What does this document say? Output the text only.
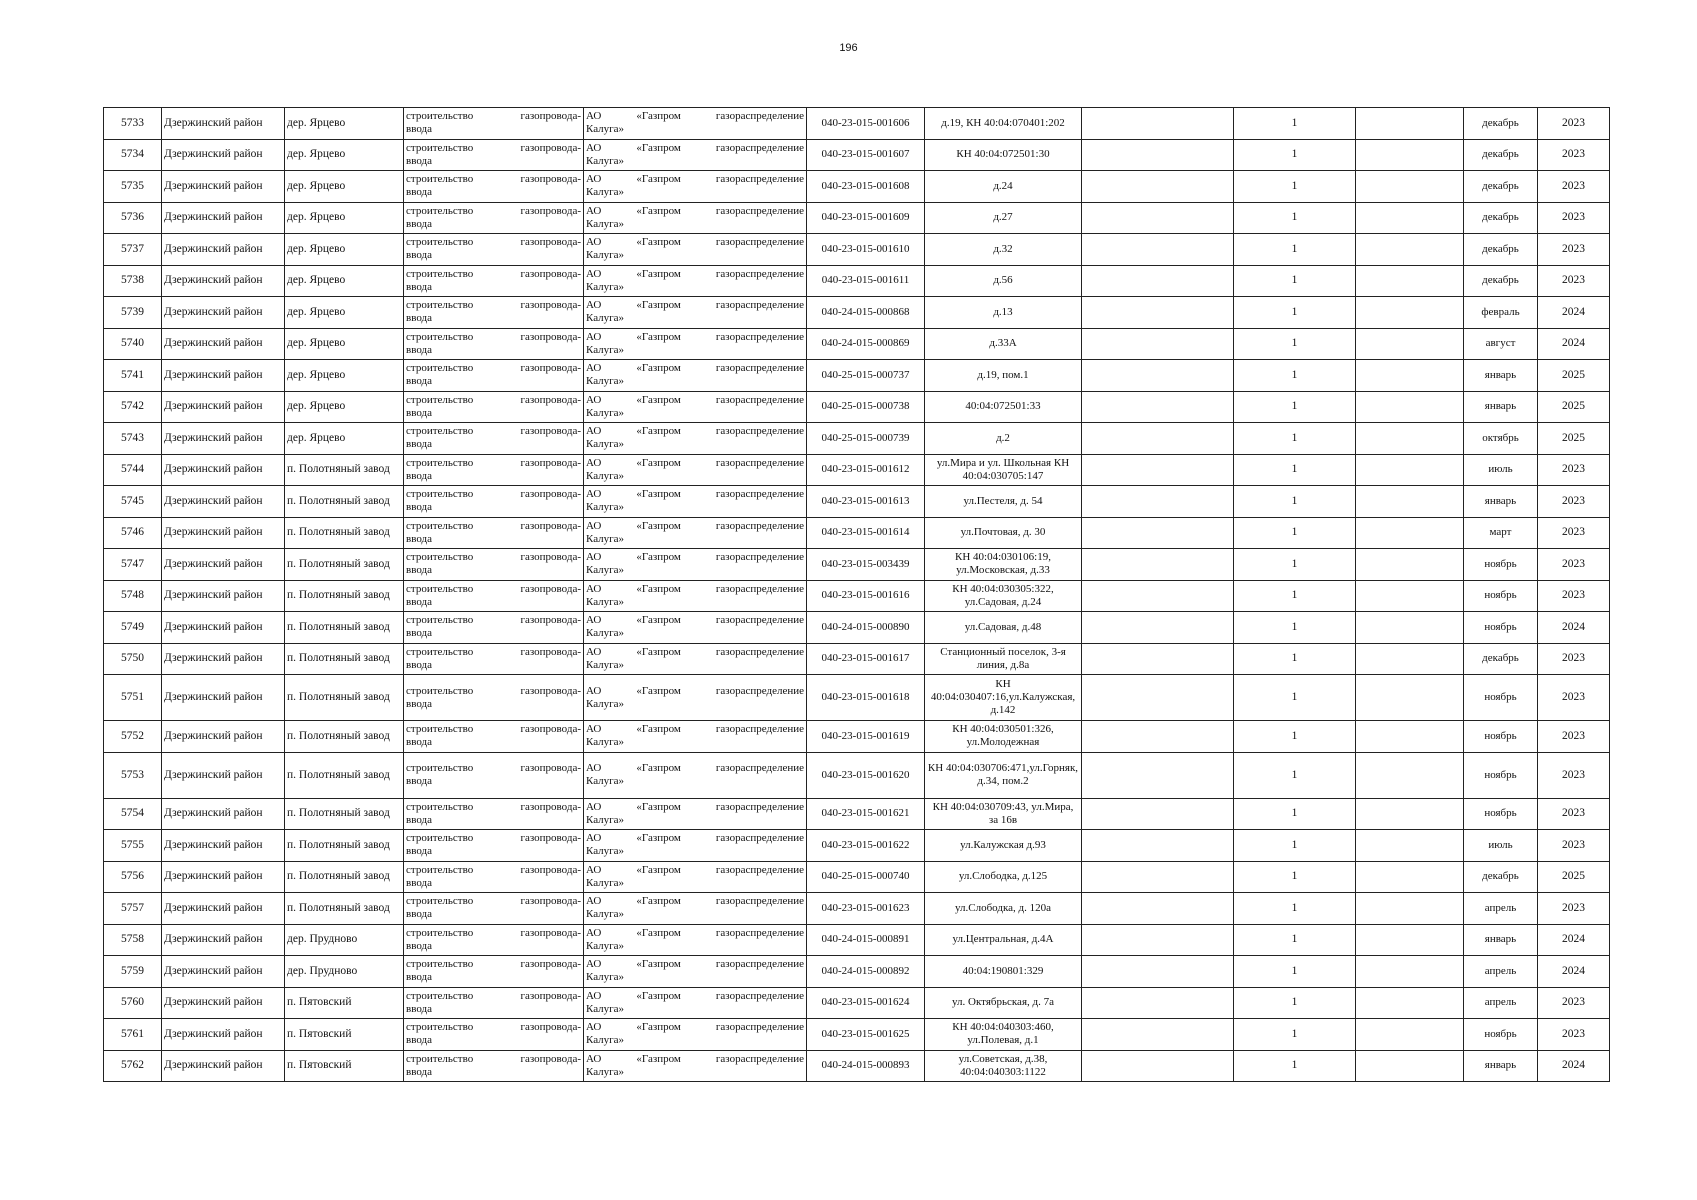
196
5733	Дзержинский район	дер. Ярцево	строительство газопровода-
ввода	АО «Газпром газораспределение
Калуга»	040-23-015-001606	д.19, КН 40:04:070401:202		1		декабрь	2023
5734	Дзержинский район	дер. Ярцево	строительство газопровода-
ввода	АО «Газпром газораспределение
Калуга»	040-23-015-001607	КН 40:04:072501:30		1		декабрь	2023
5735	Дзержинский район	дер. Ярцево	строительство газопровода-
ввода	АО «Газпром газораспределение
Калуга»	040-23-015-001608	д.24		1		декабрь	2023
5736	Дзержинский район	дер. Ярцево	строительство газопровода-
ввода	АО «Газпром газораспределение
Калуга»	040-23-015-001609	д.27		1		декабрь	2023
5737	Дзержинский район	дер. Ярцево	строительство газопровода-
ввода	АО «Газпром газораспределение
Калуга»	040-23-015-001610	д.32		1		декабрь	2023
5738	Дзержинский район	дер. Ярцево	строительство газопровода-
ввода	АО «Газпром газораспределение
Калуга»	040-23-015-001611	д.56		1		декабрь	2023
5739	Дзержинский район	дер. Ярцево	строительство газопровода-
ввода	АО «Газпром газораспределение
Калуга»	040-24-015-000868	д.13		1		февраль	2024
5740	Дзержинский район	дер. Ярцево	строительство газопровода-
ввода	АО «Газпром газораспределение
Калуга»	040-24-015-000869	д.33А		1		август	2024
5741	Дзержинский район	дер. Ярцево	строительство газопровода-
ввода	АО «Газпром газораспределение
Калуга»	040-25-015-000737	д.19, пом.1		1		январь	2025
5742	Дзержинский район	дер. Ярцево	строительство газопровода-
ввода	АО «Газпром газораспределение
Калуга»	040-25-015-000738	40:04:072501:33		1		январь	2025
5743	Дзержинский район	дер. Ярцево	строительство газопровода-
ввода	АО «Газпром газораспределение
Калуга»	040-25-015-000739	д.2		1		октябрь	2025
5744	Дзержинский район	п. Полотняный завод	строительство газопровода-
ввода	АО «Газпром газораспределение
Калуга»	040-23-015-001612	ул.Мира и ул. Школьная КН 40:04:030705:147		1		июль	2023
5745	Дзержинский район	п. Полотняный завод	строительство газопровода-
ввода	АО «Газпром газораспределение
Калуга»	040-23-015-001613	ул.Пестеля, д. 54		1		январь	2023
5746	Дзержинский район	п. Полотняный завод	строительство газопровода-
ввода	АО «Газпром газораспределение
Калуга»	040-23-015-001614	ул.Почтовая, д. 30		1		март	2023
5747	Дзержинский район	п. Полотняный завод	строительство газопровода-
ввода	АО «Газпром газораспределение
Калуга»	040-23-015-003439	КН 40:04:030106:19, ул.Московская, д.33		1		ноябрь	2023
5748	Дзержинский район	п. Полотняный завод	строительство газопровода-
ввода	АО «Газпром газораспределение
Калуга»	040-23-015-001616	КН 40:04:030305:322, ул.Садовая, д.24		1		ноябрь	2023
5749	Дзержинский район	п. Полотняный завод	строительство газопровода-
ввода	АО «Газпром газораспределение
Калуга»	040-24-015-000890	ул.Садовая, д.48		1		ноябрь	2024
5750	Дзержинский район	п. Полотняный завод	строительство газопровода-
ввода	АО «Газпром газораспределение
Калуга»	040-23-015-001617	Станционный поселок, 3-я линия, д.8а		1		декабрь	2023
5751	Дзержинский район	п. Полотняный завод	строительство газопровода-
ввода	АО «Газпром газораспределение
Калуга»	040-23-015-001618	КН 40:04:030407:16,ул.Калужская, д.142		1		ноябрь	2023
5752	Дзержинский район	п. Полотняный завод	строительство газопровода-
ввода	АО «Газпром газораспределение
Калуга»	040-23-015-001619	КН 40:04:030501:326, ул.Молодежная		1		ноябрь	2023
5753	Дзержинский район	п. Полотняный завод	строительство газопровода-
ввода	АО «Газпром газораспределение
Калуга»	040-23-015-001620	КН 40:04:030706:471,ул.Горняк, д.34, пом.2		1		ноябрь	2023
5754	Дзержинский район	п. Полотняный завод	строительство газопровода-
ввода	АО «Газпром газораспределение
Калуга»	040-23-015-001621	КН 40:04:030709:43, ул.Мира, за 16в		1		ноябрь	2023
5755	Дзержинский район	п. Полотняный завод	строительство газопровода-
ввода	АО «Газпром газораспределение
Калуга»	040-23-015-001622	ул.Калужская д.93		1		июль	2023
5756	Дзержинский район	п. Полотняный завод	строительство газопровода-
ввода	АО «Газпром газораспределение
Калуга»	040-25-015-000740	ул.Слободка, д.125		1		декабрь	2025
5757	Дзержинский район	п. Полотняный завод	строительство газопровода-
ввода	АО «Газпром газораспределение
Калуга»	040-23-015-001623	ул.Слободка, д. 120а		1		апрель	2023
5758	Дзержинский район	дер. Прудново	строительство газопровода-
ввода	АО «Газпром газораспределение
Калуга»	040-24-015-000891	ул.Центральная, д.4А		1		январь	2024
5759	Дзержинский район	дер. Прудново	строительство газопровода-
ввода	АО «Газпром газораспределение
Калуга»	040-24-015-000892	40:04:190801:329		1		апрель	2024
5760	Дзержинский район	п. Пятовский	строительство газопровода-
ввода	АО «Газпром газораспределение
Калуга»	040-23-015-001624	ул. Октябрьская, д. 7а		1		апрель	2023
5761	Дзержинский район	п. Пятовский	строительство газопровода-
ввода	АО «Газпром газораспределение
Калуга»	040-23-015-001625	КН 40:04:040303:460, ул.Полевая, д.1		1		ноябрь	2023
5762	Дзержинский район	п. Пятовский	строительство газопровода-
ввода	АО «Газпром газораспределение
Калуга»	040-24-015-000893	ул.Советская, д.38, 40:04:040303:1122		1		январь	2024
